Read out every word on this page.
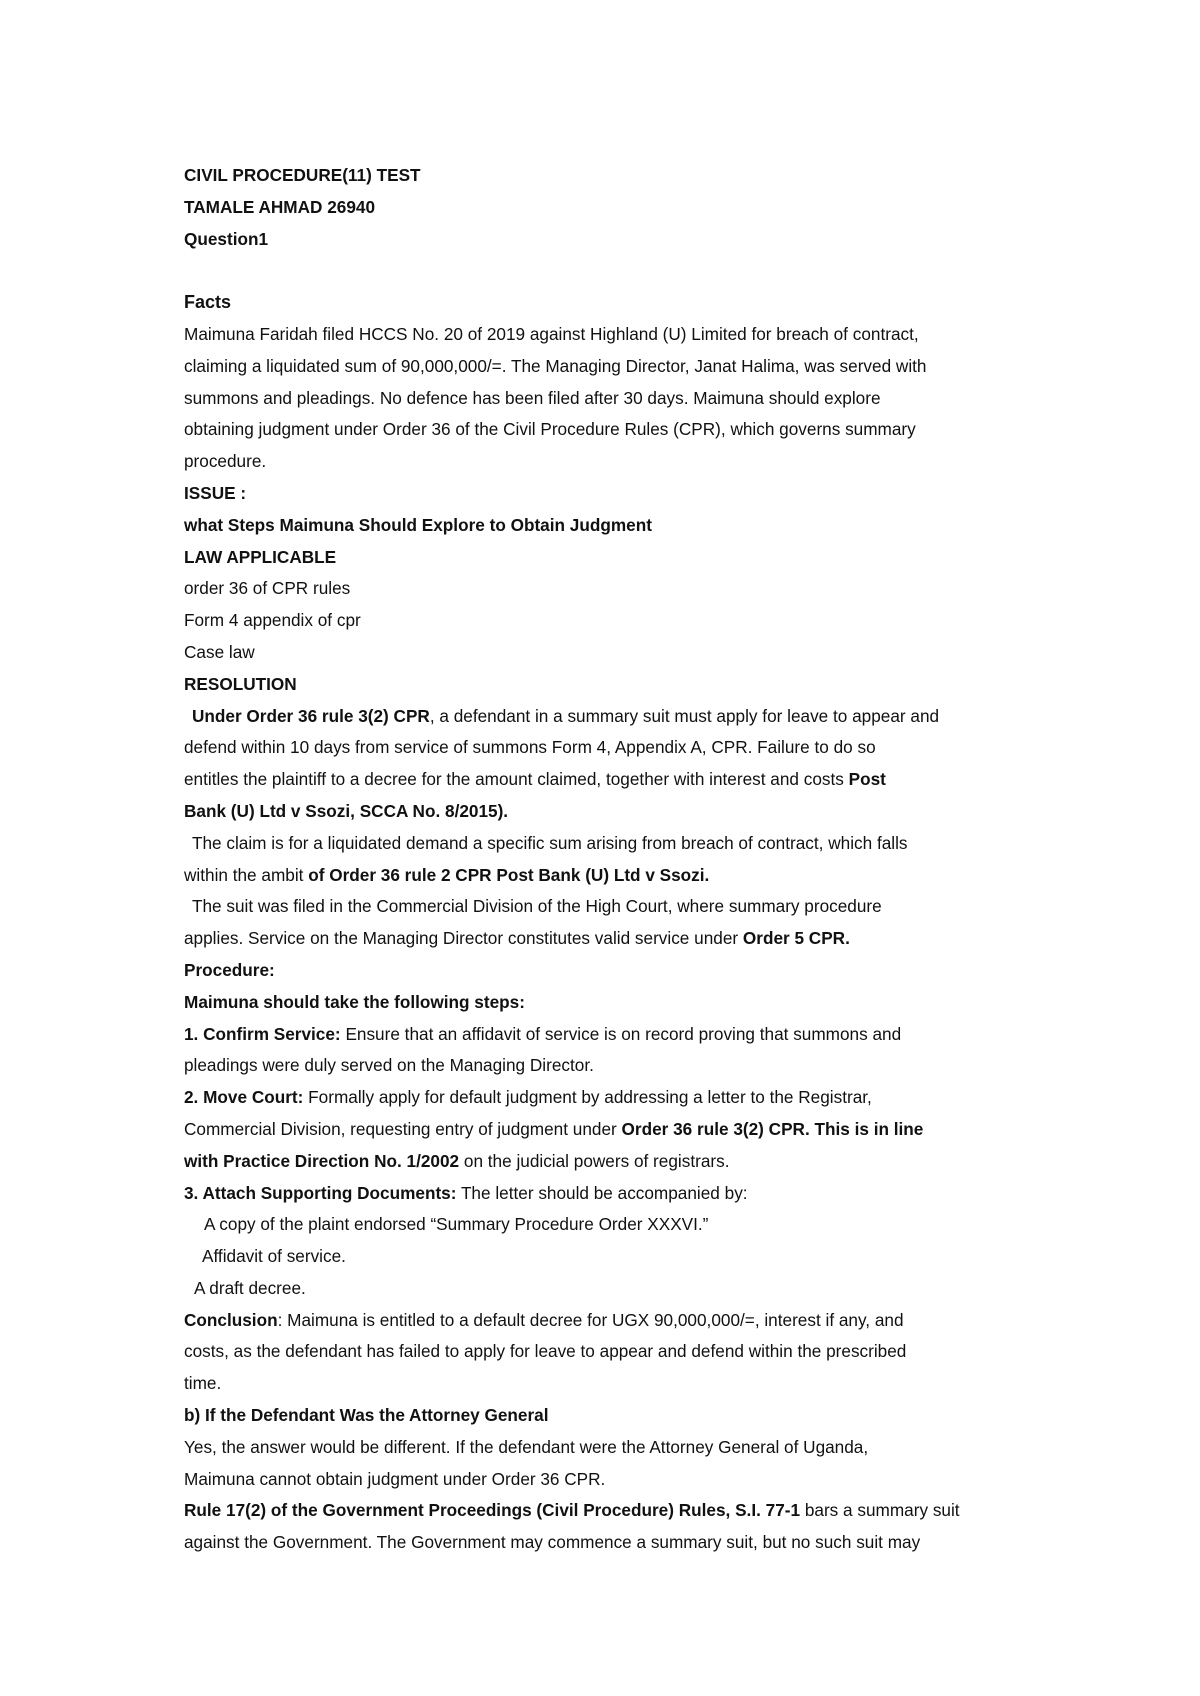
CIVIL PROCEDURE(11) TEST
TAMALE AHMAD 26940
Question1
Facts
Maimuna Faridah filed HCCS No. 20 of 2019 against Highland (U) Limited for breach of contract,
claiming a liquidated sum of 90,000,000/=. The Managing Director, Janat Halima, was served with
summons and pleadings. No defence has been filed after 30 days. Maimuna should explore
obtaining judgment under Order 36 of the Civil Procedure Rules (CPR), which governs summary
procedure.
ISSUE :
what Steps Maimuna Should Explore to Obtain Judgment
LAW APPLICABLE
order 36 of CPR rules
Form 4 appendix of cpr
Case law
RESOLUTION
Under Order 36 rule 3(2) CPR, a defendant in a summary suit must apply for leave to appear and
defend within 10 days from service of summons Form 4, Appendix A, CPR. Failure to do so
entitles the plaintiff to a decree for the amount claimed, together with interest and costs Post
Bank (U) Ltd v Ssozi, SCCA No. 8/2015).
The claim is for a liquidated demand a specific sum arising from breach of contract, which falls
within the ambit of Order 36 rule 2 CPR Post Bank (U) Ltd v Ssozi.
The suit was filed in the Commercial Division of the High Court, where summary procedure
applies. Service on the Managing Director constitutes valid service under Order 5 CPR.
Procedure:
Maimuna should take the following steps:
1. Confirm Service: Ensure that an affidavit of service is on record proving that summons and
pleadings were duly served on the Managing Director.
2. Move Court: Formally apply for default judgment by addressing a letter to the Registrar,
Commercial Division, requesting entry of judgment under Order 36 rule 3(2) CPR. This is in line
with Practice Direction No. 1/2002 on the judicial powers of registrars.
3. Attach Supporting Documents: The letter should be accompanied by:
A copy of the plaint endorsed “Summary Procedure Order XXXVI.”
Affidavit of service.
A draft decree.
Conclusion: Maimuna is entitled to a default decree for UGX 90,000,000/=, interest if any, and
costs, as the defendant has failed to apply for leave to appear and defend within the prescribed
time.
b) If the Defendant Was the Attorney General
Yes, the answer would be different. If the defendant were the Attorney General of Uganda,
Maimuna cannot obtain judgment under Order 36 CPR.
Rule 17(2) of the Government Proceedings (Civil Procedure) Rules, S.I. 77-1 bars a summary suit
against the Government. The Government may commence a summary suit, but no such suit may
